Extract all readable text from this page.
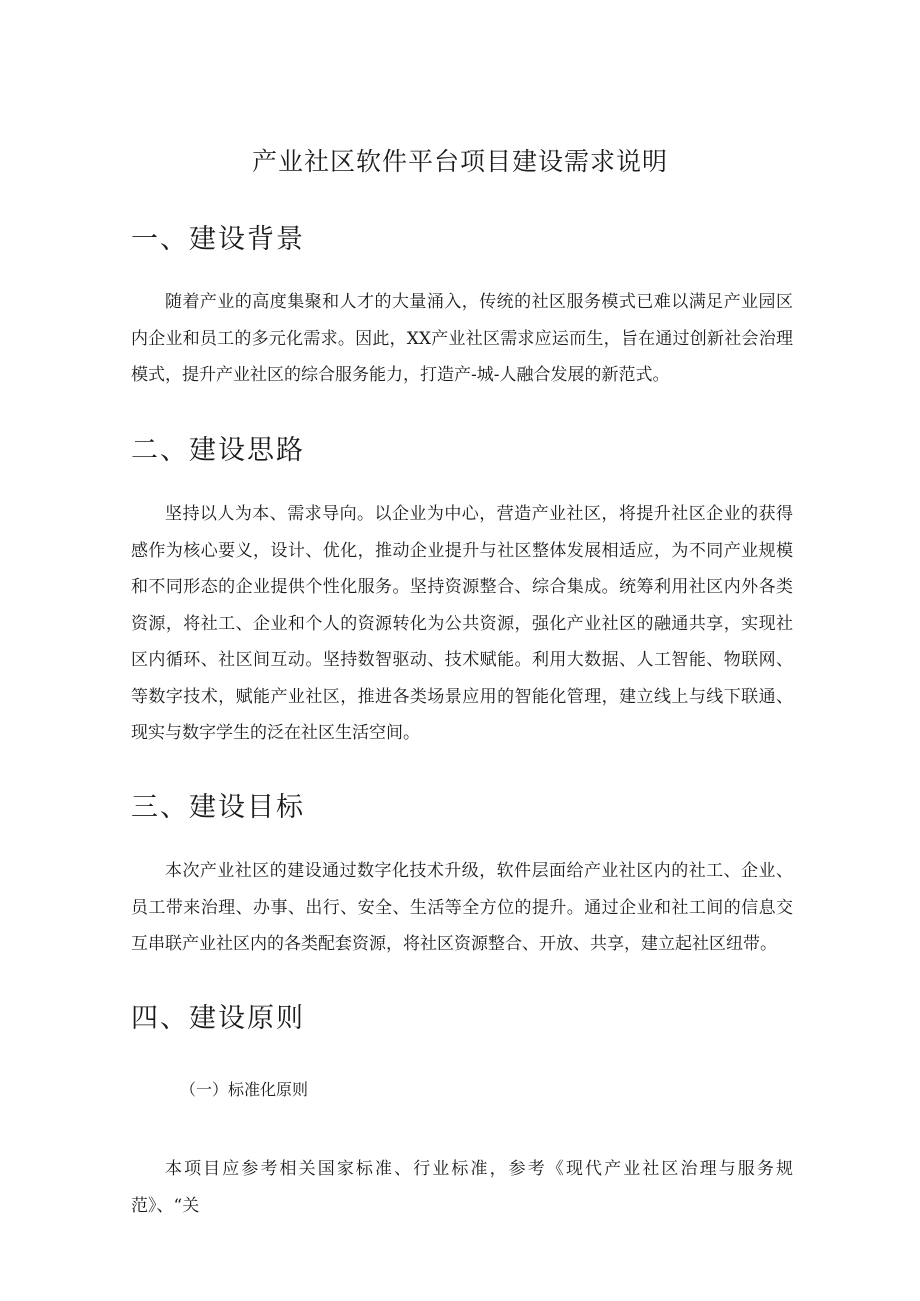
产业社区软件平台项目建设需求说明
一、建设背景

随着产业的高度集聚和人才的大量涌入，传统的社区服务模式已难以满足产业园区内企业和员工的多元化需求。因此，XX产业社区需求应运而生，旨在通过创新社会治理模式，提升产业社区的综合服务能力，打造产-城-人融合发展的新范式。

二、建设思路

坚持以人为本、需求导向。以企业为中心，营造产业社区，将提升社区企业的获得感作为核心要义，设计、优化，推动企业提升与社区整体发展相适应，为不同产业规模和不同形态的企业提供个性化服务。坚持资源整合、综合集成。统筹利用社区内外各类资源，将社工、企业和个人的资源转化为公共资源，强化产业社区的融通共享，实现社区内循环、社区间互动。坚持数智驱动、技术赋能。利用大数据、人工智能、物联网、等数字技术，赋能产业社区，推进各类场景应用的智能化管理，建立线上与线下联通、现实与数字学生的泛在社区生活空间。

三、建设目标

本次产业社区的建设通过数字化技术升级，软件层面给产业社区内的社工、企业、员工带来治理、办事、出行、安全、生活等全方位的提升。通过企业和社工间的信息交互串联产业社区内的各类配套资源，将社区资源整合、开放、共享，建立起社区纽带。

四、建设原则
（一）标准化原则

本项目应参考相关国家标准、行业标准，参考《现代产业社区治理与服务规范》、“关
